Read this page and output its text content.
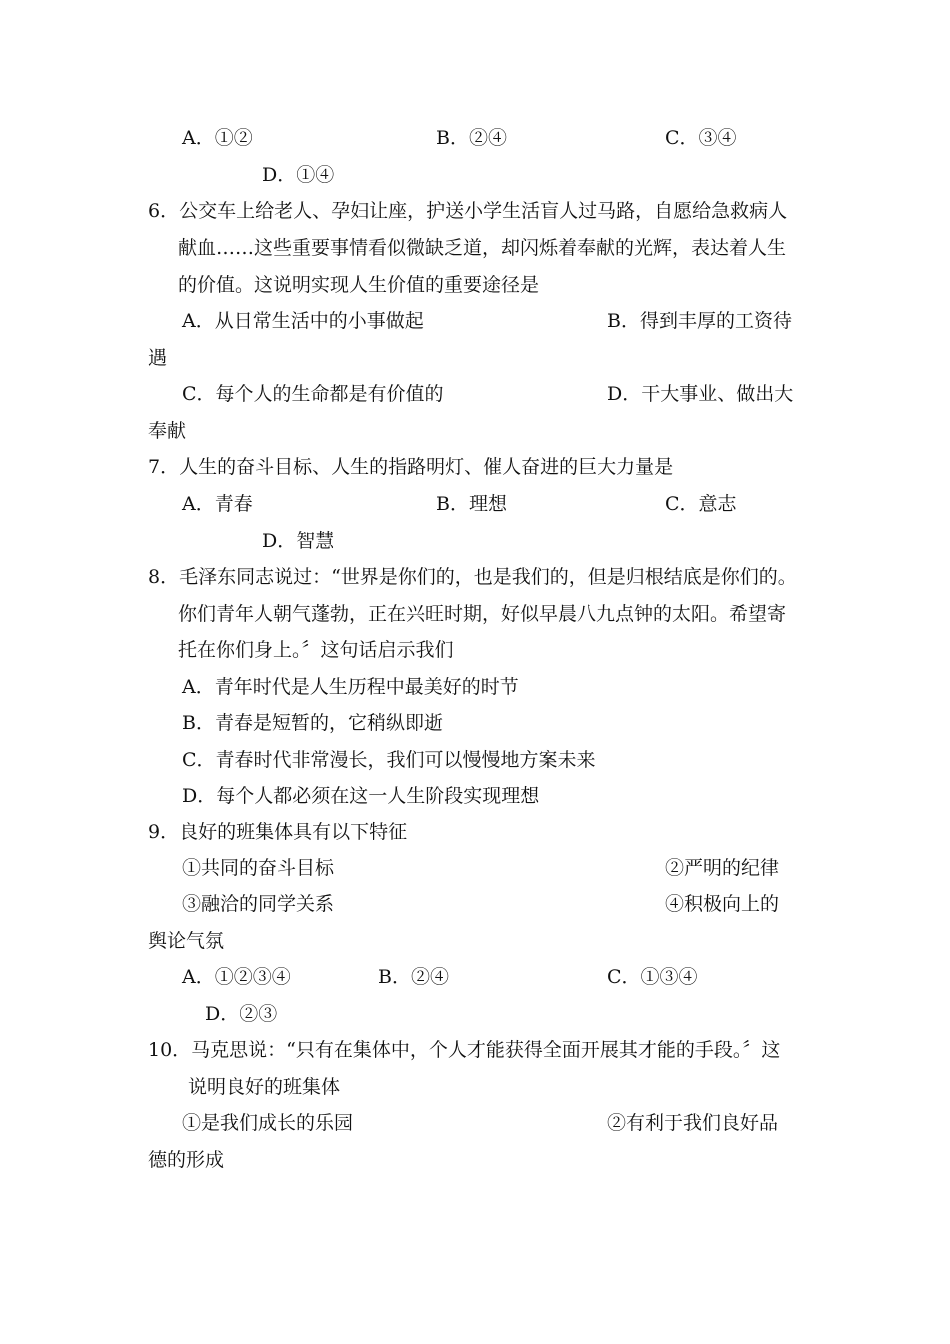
A．①②	B．②④	C．③④
D．①④
6．公交车上给老人、孕妇让座，护送小学生活盲人过马路，自愿给急救病人
献血……这些重要事情看似微缺乏道，却闪烁着奉献的光辉，表达着人生
的价值。这说明实现人生价值的重要途径是
A．从日常生活中的小事做起	B．得到丰厚的工资待
遇
C．每个人的生命都是有价值的	D．干大事业、做出大
奉献
7．人生的奋斗目标、人生的指路明灯、催人奋进的巨大力量是
A．青春	B．理想	C．意志
D．智慧
8．毛泽东同志说过：“世界是你们的，也是我们的，但是归根结底是你们的。
你们青年人朝气蓬勃，正在兴旺时期，好似早晨八九点钟的太阳。希望寄
托在你们身上。〞这句话启示我们
A．青年时代是人生历程中最美好的时节
B．青春是短暂的，它稍纵即逝
C．青春时代非常漫长，我们可以慢慢地方案未来
D．每个人都必须在这一人生阶段实现理想
9．良好的班集体具有以下特征
①共同的奋斗目标	②严明的纪律
③融洽的同学关系	④积极向上的
舆论气氛
A．①②③④	B．②④	C．①③④
D．②③
10．马克思说：“只有在集体中，个人才能获得全面开展其才能的手段。〞这
说明良好的班集体
①是我们成长的乐园	②有利于我们良好品
德的形成
